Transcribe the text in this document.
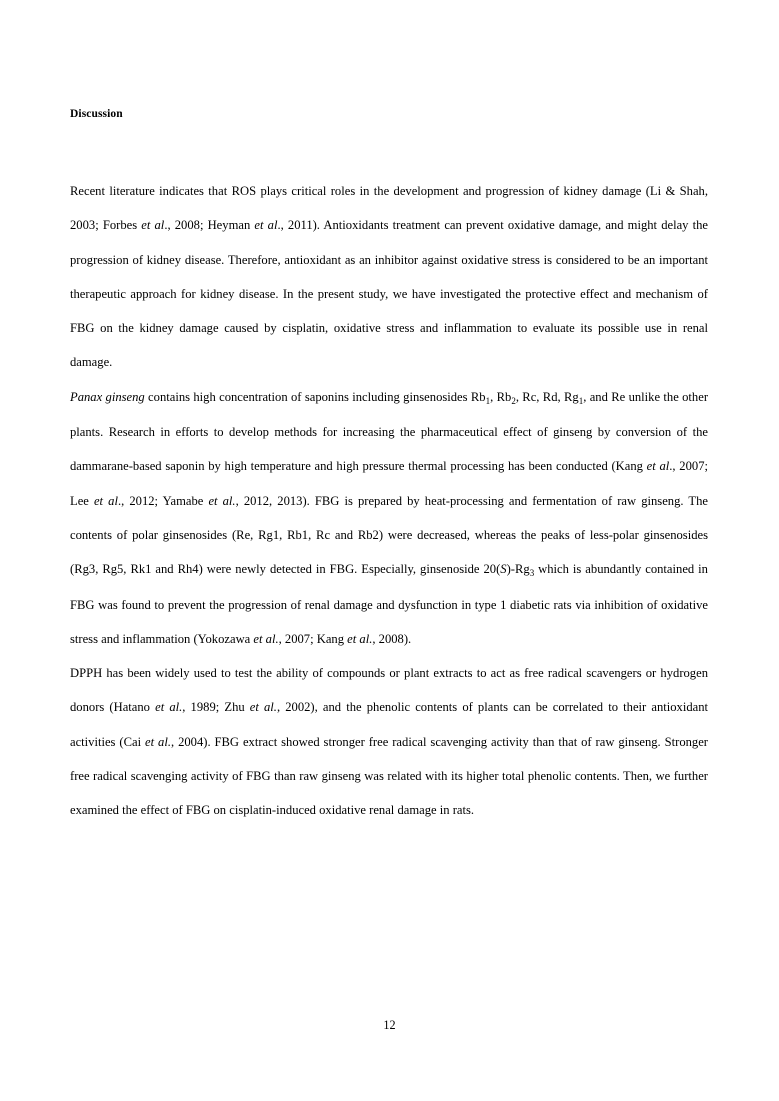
Discussion
Recent literature indicates that ROS plays critical roles in the development and progression of kidney damage (Li & Shah, 2003; Forbes et al., 2008; Heyman et al., 2011). Antioxidants treatment can prevent oxidative damage, and might delay the progression of kidney disease. Therefore, antioxidant as an inhibitor against oxidative stress is considered to be an important therapeutic approach for kidney disease. In the present study, we have investigated the protective effect and mechanism of FBG on the kidney damage caused by cisplatin, oxidative stress and inflammation to evaluate its possible use in renal damage.
Panax ginseng contains high concentration of saponins including ginsenosides $Rb_1$, $Rb_2$, Rc, Rd, $Rg_1$, and Re unlike the other plants. Research in efforts to develop methods for increasing the pharmaceutical effect of ginseng by conversion of the dammarane-based saponin by high temperature and high pressure thermal processing has been conducted (Kang et al., 2007; Lee et al., 2012; Yamabe et al., 2012, 2013). FBG is prepared by heat-processing and fermentation of raw ginseng. The contents of polar ginsenosides (Re, Rg1, Rb1, Rc and Rb2) were decreased, whereas the peaks of less-polar ginsenosides (Rg3, Rg5, Rk1 and Rh4) were newly detected in FBG. Especially, ginsenoside $20(S)-Rg_3$ which is abundantly contained in FBG was found to prevent the progression of renal damage and dysfunction in type 1 diabetic rats via inhibition of oxidative stress and inflammation (Yokozawa et al., 2007; Kang et al., 2008).
DPPH has been widely used to test the ability of compounds or plant extracts to act as free radical scavengers or hydrogen donors (Hatano et al., 1989; Zhu et al., 2002), and the phenolic contents of plants can be correlated to their antioxidant activities (Cai et al., 2004). FBG extract showed stronger free radical scavenging activity than that of raw ginseng. Stronger free radical scavenging activity of FBG than raw ginseng was related with its higher total phenolic contents. Then, we further examined the effect of FBG on cisplatin-induced oxidative renal damage in rats.
12
